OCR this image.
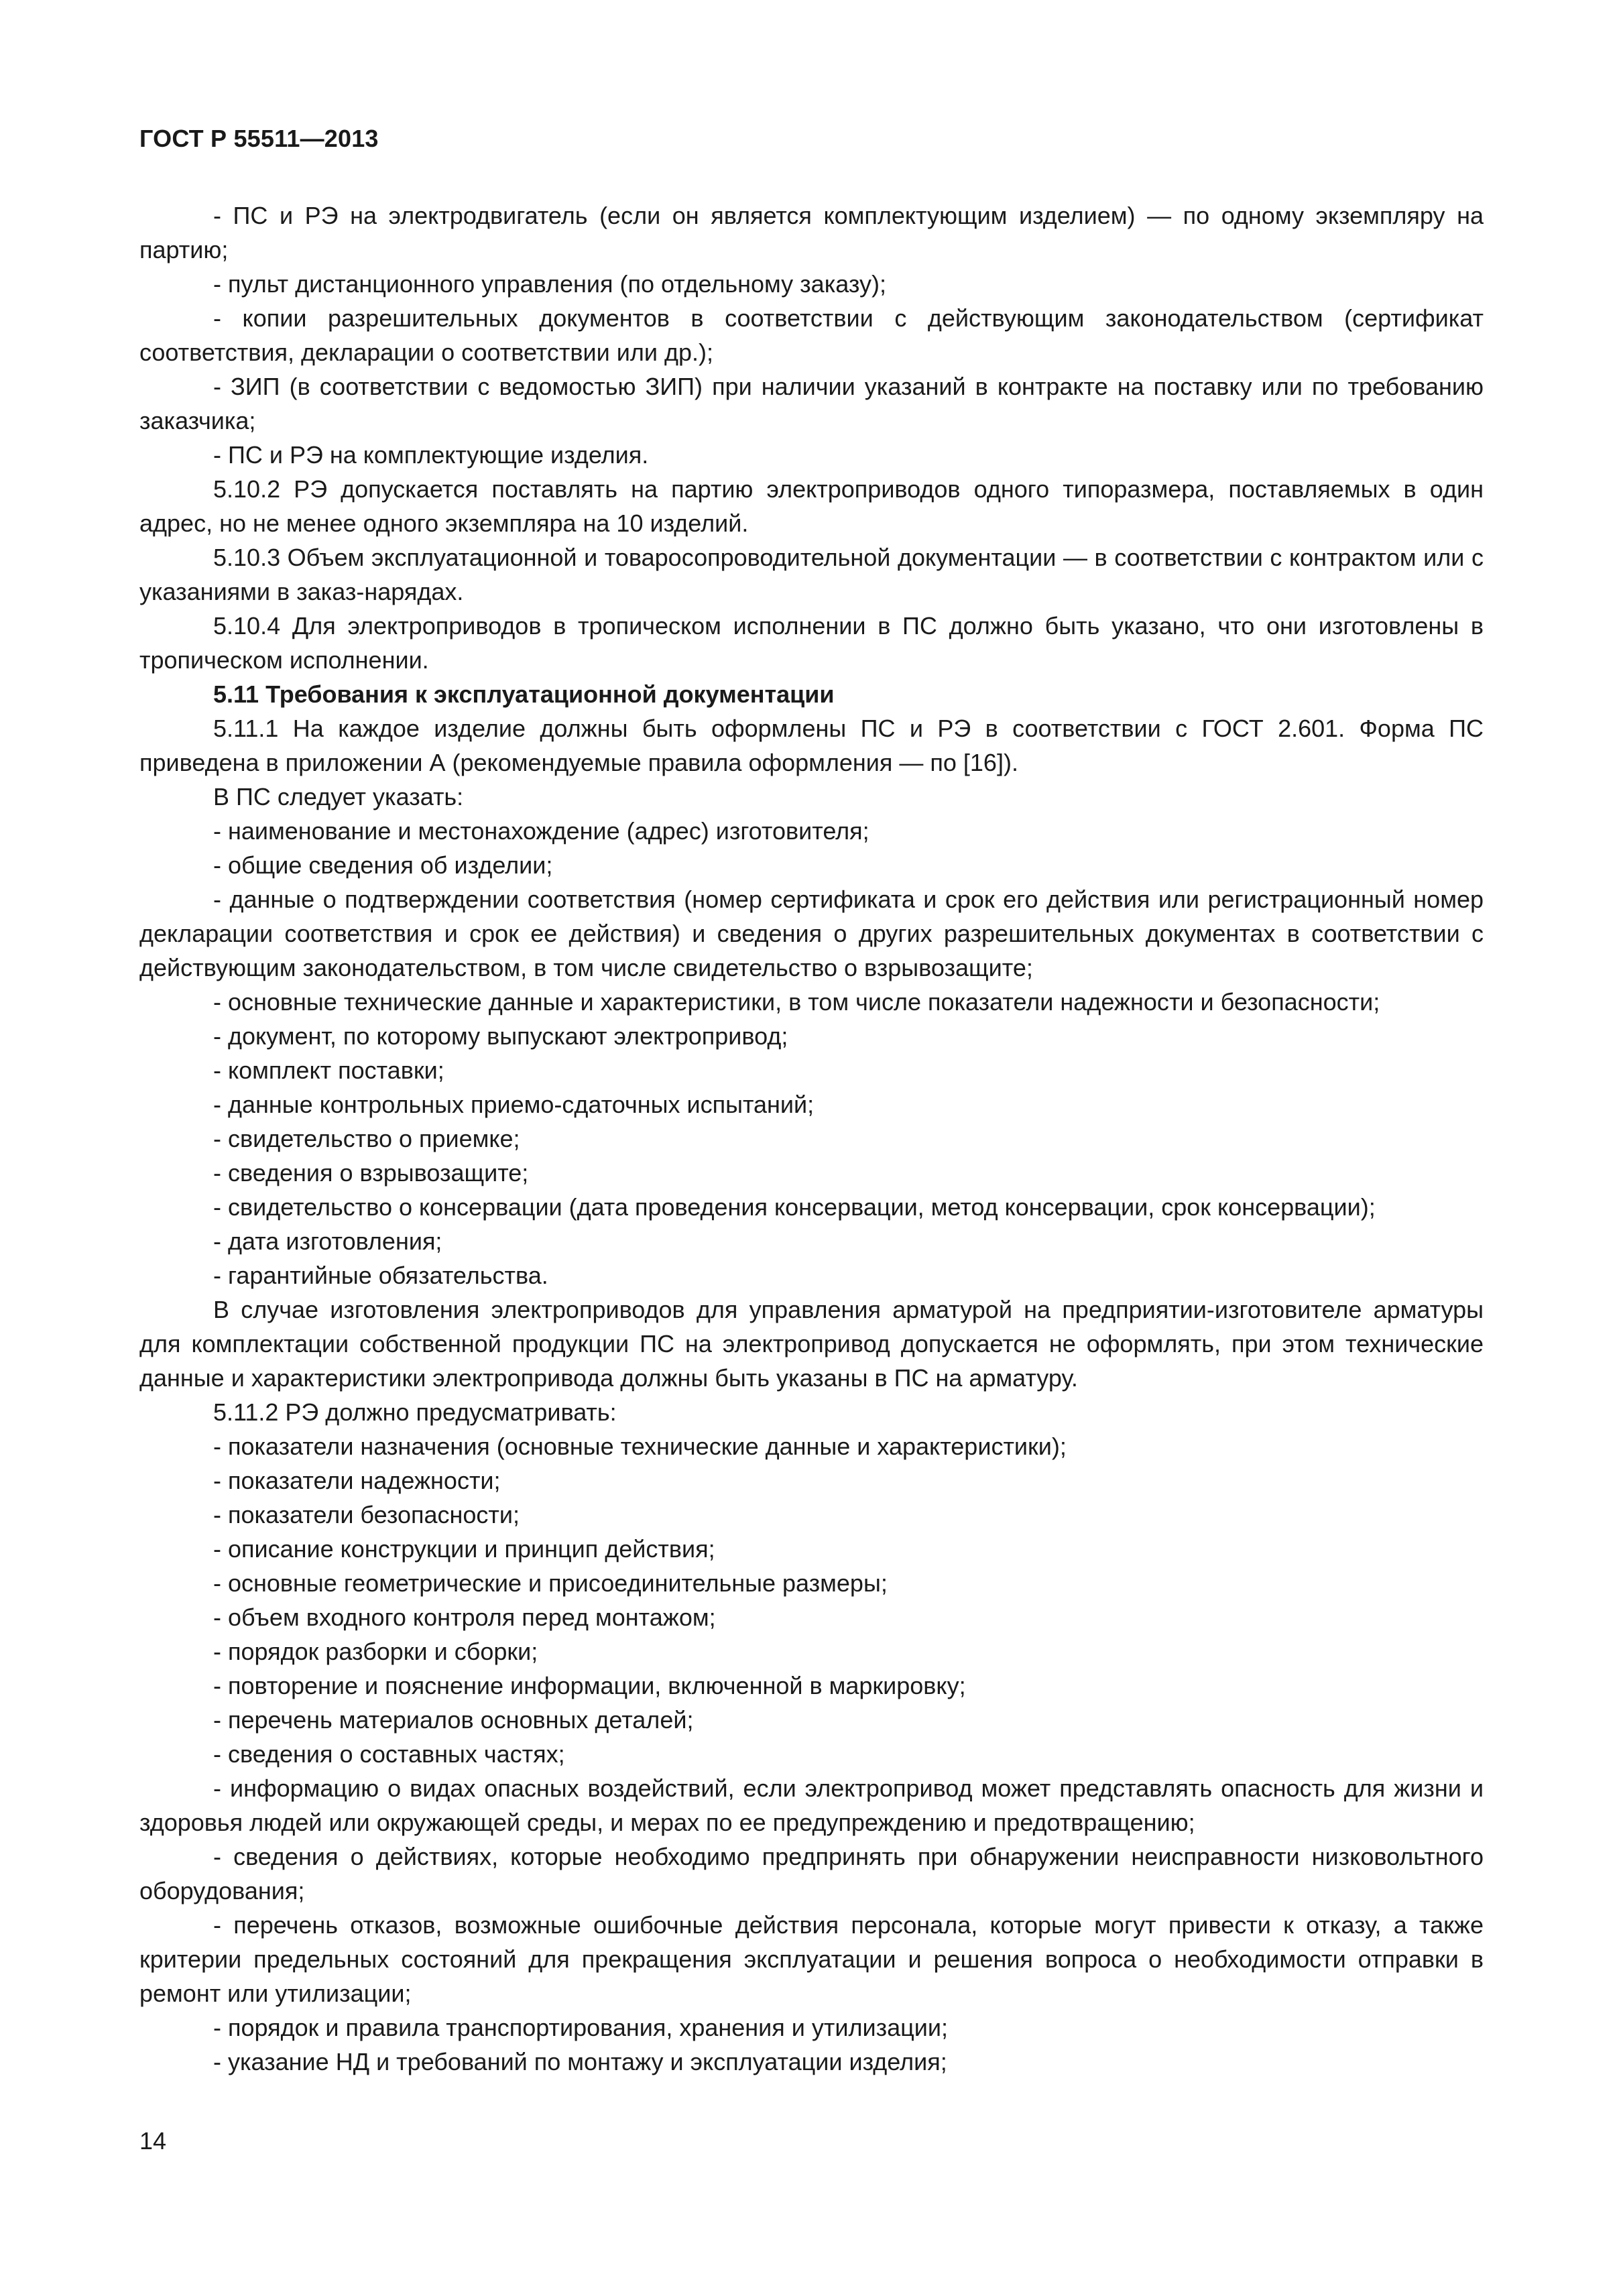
ГОСТ Р 55511—2013

- ПС и РЭ на электродвигатель (если он является комплектующим изделием) — по одному экземпляру на партию;

- пульт дистанционного управления (по отдельному заказу);

- копии разрешительных документов в соответствии с действующим законодательством (сертификат соответствия, декларации о соответствии или др.);

- ЗИП (в соответствии с ведомостью ЗИП) при наличии указаний в контракте на поставку или по требованию заказчика;

- ПС и РЭ на комплектующие изделия.

5.10.2 РЭ допускается поставлять на партию электроприводов одного типоразмера, поставляемых в один адрес, но не менее одного экземпляра на 10 изделий.

5.10.3 Объем эксплуатационной и товаросопроводительной документации — в соответствии с контрактом или с указаниями в заказ-нарядах.

5.10.4 Для электроприводов в тропическом исполнении в ПС должно быть указано, что они изготовлены в тропическом исполнении.

5.11 Требования к эксплуатационной документации

5.11.1 На каждое изделие должны быть оформлены ПС и РЭ в соответствии с ГОСТ 2.601. Форма ПС приведена в приложении А (рекомендуемые правила оформления — по [16]).

В ПС следует указать:

- наименование и местонахождение (адрес) изготовителя;

- общие сведения об изделии;

- данные о подтверждении соответствия (номер сертификата и срок его действия или регистрационный номер декларации соответствия и срок ее действия) и сведения о других разрешительных документах в соответствии с действующим законодательством, в том числе свидетельство о взрывозащите;

- основные технические данные и характеристики, в том числе показатели надежности и безопасности;

- документ, по которому выпускают электропривод;

- комплект поставки;

- данные контрольных приемо-сдаточных испытаний;

- свидетельство о приемке;

- сведения о взрывозащите;

- свидетельство о консервации (дата проведения консервации, метод консервации, срок консервации);

- дата изготовления;

- гарантийные обязательства.

В случае изготовления электроприводов для управления арматурой на предприятии-изготовителе арматуры для комплектации собственной продукции ПС на электропривод допускается не оформлять, при этом технические данные и характеристики электропривода должны быть указаны в ПС на арматуру.

5.11.2 РЭ должно предусматривать:

- показатели назначения (основные технические данные и характеристики);

- показатели надежности;

- показатели безопасности;

- описание конструкции и принцип действия;

- основные геометрические и присоединительные размеры;

- объем входного контроля перед монтажом;

- порядок разборки и сборки;

- повторение и пояснение информации, включенной в маркировку;

- перечень материалов основных деталей;

- сведения о составных частях;

- информацию о видах опасных воздействий, если электропривод может представлять опасность для жизни и здоровья людей или окружающей среды, и мерах по ее предупреждению и предотвращению;

- сведения о действиях, которые необходимо предпринять при обнаружении неисправности низковольтного оборудования;

- перечень отказов, возможные ошибочные действия персонала, которые могут привести к отказу, а также критерии предельных состояний для прекращения эксплуатации и решения вопроса о необходимости отправки в ремонт или утилизации;

- порядок и правила транспортирования, хранения и утилизации;

- указание НД и требований по монтажу и эксплуатации изделия;

14
